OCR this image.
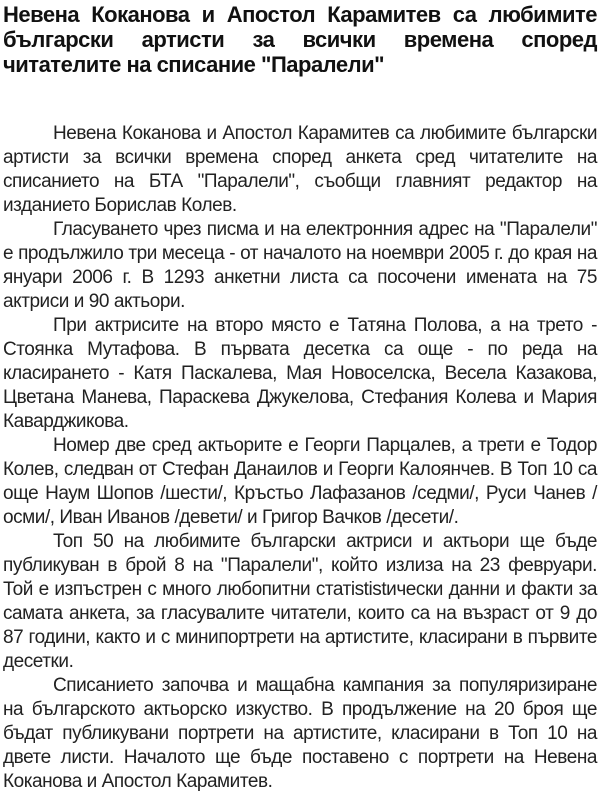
Невена Коканова и Апостол Карамитев са любимите български артисти за всички времена според читателите на списание "Паралели"

Невена Коканова и Апостол Карамитев са любимите български артисти за всички времена според анкета сред читателите на списанието на БТА "Паралели", съобщи главният редактор на изданието Борислав Колев.

Гласуването чрез писма и на електронния адрес на "Паралели" е продължило три месеца - от началото на ноември 2005 г. до края на януари 2006 г. В 1293 анкетни листа са посочени имената на 75 актриси и 90 актьори.

При актрисите на второ място е Татяна Полова, а на трето - Стоянка Мутафова. В първата десетка са още - по реда на класирането - Катя Паскалева, Мая Новоселска, Весела Казакова, Цветана Манева, Параскева Джукелова, Стефания Колева и Мария Каварджикова.

Номер две сред актьорите е Георги Парцалев, а трети е Тодор Колев, следван от Стефан Данаилов и Георги Калоянчев. В Топ 10 са още Наум Шопов /шести/, Кръстьо Лафазанов /седми/, Руси Чанев /осми/, Иван Иванов /девети/ и Григор Вачков /десети/.

Топ 50 на любимите български актриси и актьори ще бъде публикуван в брой 8 на "Паралели", който излиза на 23 февруари. Той е изпъстрен с много любопитни статististически данни и факти за самата анкета, за гласувалите читатели, които са на възраст от 9 до 87 години, както и с минипортрети на артистите, класирани в първите десетки.

Списанието започва и мащабна кампания за популяризиране на българското актьорско изкуство. В продължение на 20 броя ще бъдат публикувани портрети на артистите, класирани в Топ 10 на двете листи. Началото ще бъде поставено с портрети на Невена Коканова и Апостол Карамитев.
